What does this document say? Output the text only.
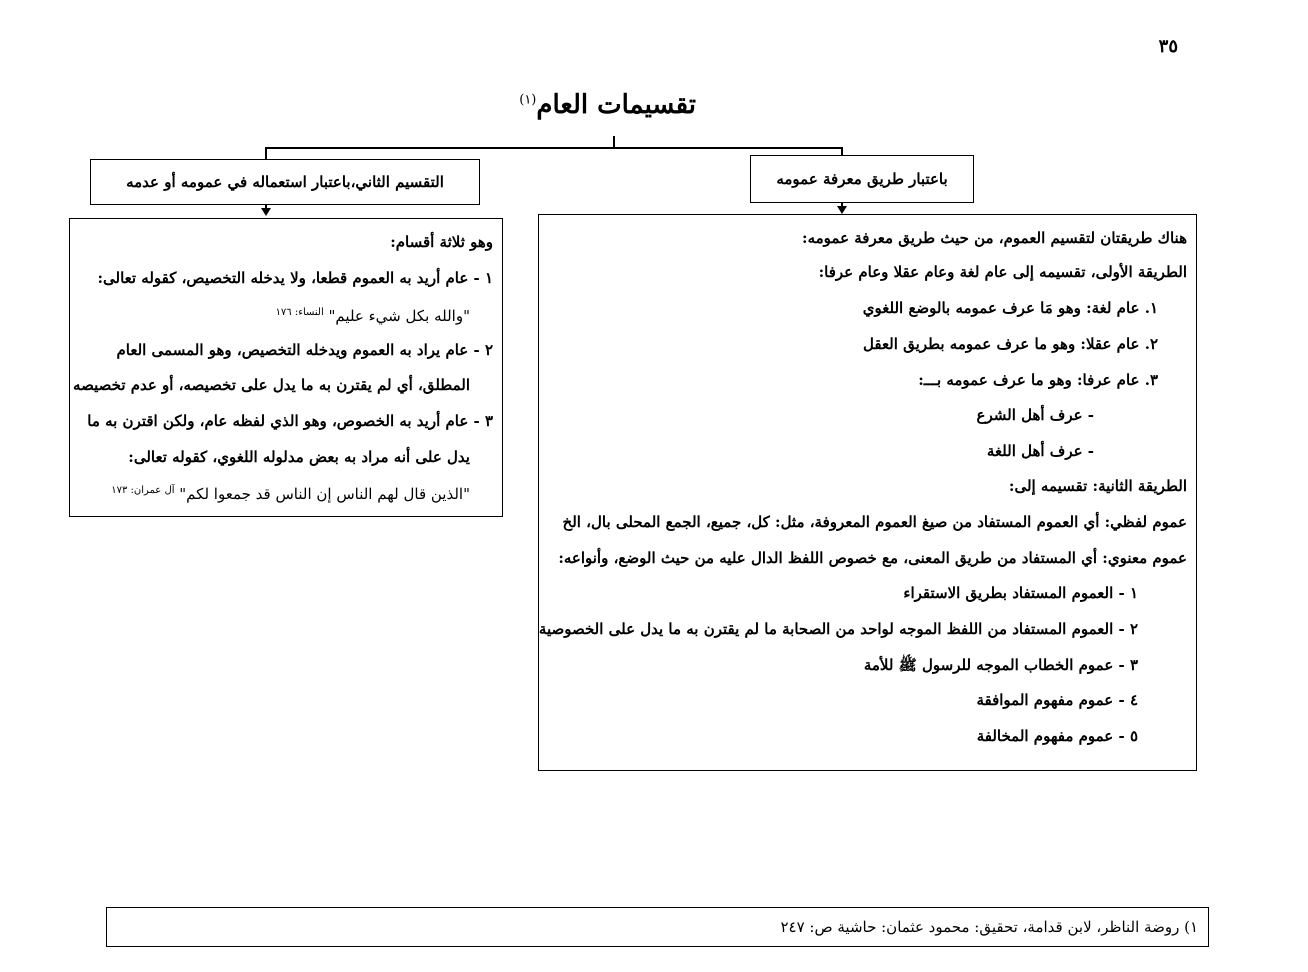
٣٥
تقسيمات العام$^{(١)}$
التقسيم الثاني،باعتبار استعماله في عمومه أو عدمه	باعتبار طريق معرفة عمومه
هناك طريقتان لتقسيم العموم، من حيث طريق معرفة عمومه:
الطريقة الأولى، تقسيمه إلى عام لغة وعام عقلا وعام عرفا:
١. عام لغة: وهو مَا عرف عمومه بالوضع اللغوي
٢. عام عقلا: وهو ما عرف عمومه بطريق العقل
٣. عام عرفا: وهو ما عرف عمومه بـــ:
- عرف أهل الشرع
- عرف أهل اللغة
الطريقة الثانية: تقسيمه إلى:
عموم لفظي: أي العموم المستفاد من صيغ العموم المعروفة، مثل: كل، جميع، الجمع المحلى بال، الخ
عموم معنوي: أي المستفاد من طريق المعنى، مع خصوص اللفظ الدال عليه من حيث الوضع، وأنواعه:
١ - العموم المستفاد بطريق الاستقراء
٢ - العموم المستفاد من اللفظ الموجه لواحد من الصحابة ما لم يقترن به ما يدل على الخصوصية
٣ - عموم الخطاب الموجه للرسول ﷺ للأمة
٤ - عموم مفهوم الموافقة
٥ - عموم مفهوم المخالفة
وهو ثلاثة أقسام:
١ - عام أريد به العموم قطعا، ولا يدخله التخصيص، كقوله تعالى:
"والله بكل شيء عليم" $^{النساء: ١٧٦}$
٢ - عام يراد به العموم ويدخله التخصيص، وهو المسمى العام
المطلق، أي لم يقترن به ما يدل على تخصيصه، أو عدم تخصيصه
٣ - عام أريد به الخصوص، وهو الذي لفظه عام، ولكن اقترن به ما
يدل على أنه مراد به بعض مدلوله اللغوي، كقوله تعالى:
"الذين قال لهم الناس إن الناس قد جمعوا لكم" $^{آل عمران: ١٧٣}$
١) روضة الناظر، لابن قدامة، تحقيق: محمود عثمان: حاشية ص: ٢٤٧
